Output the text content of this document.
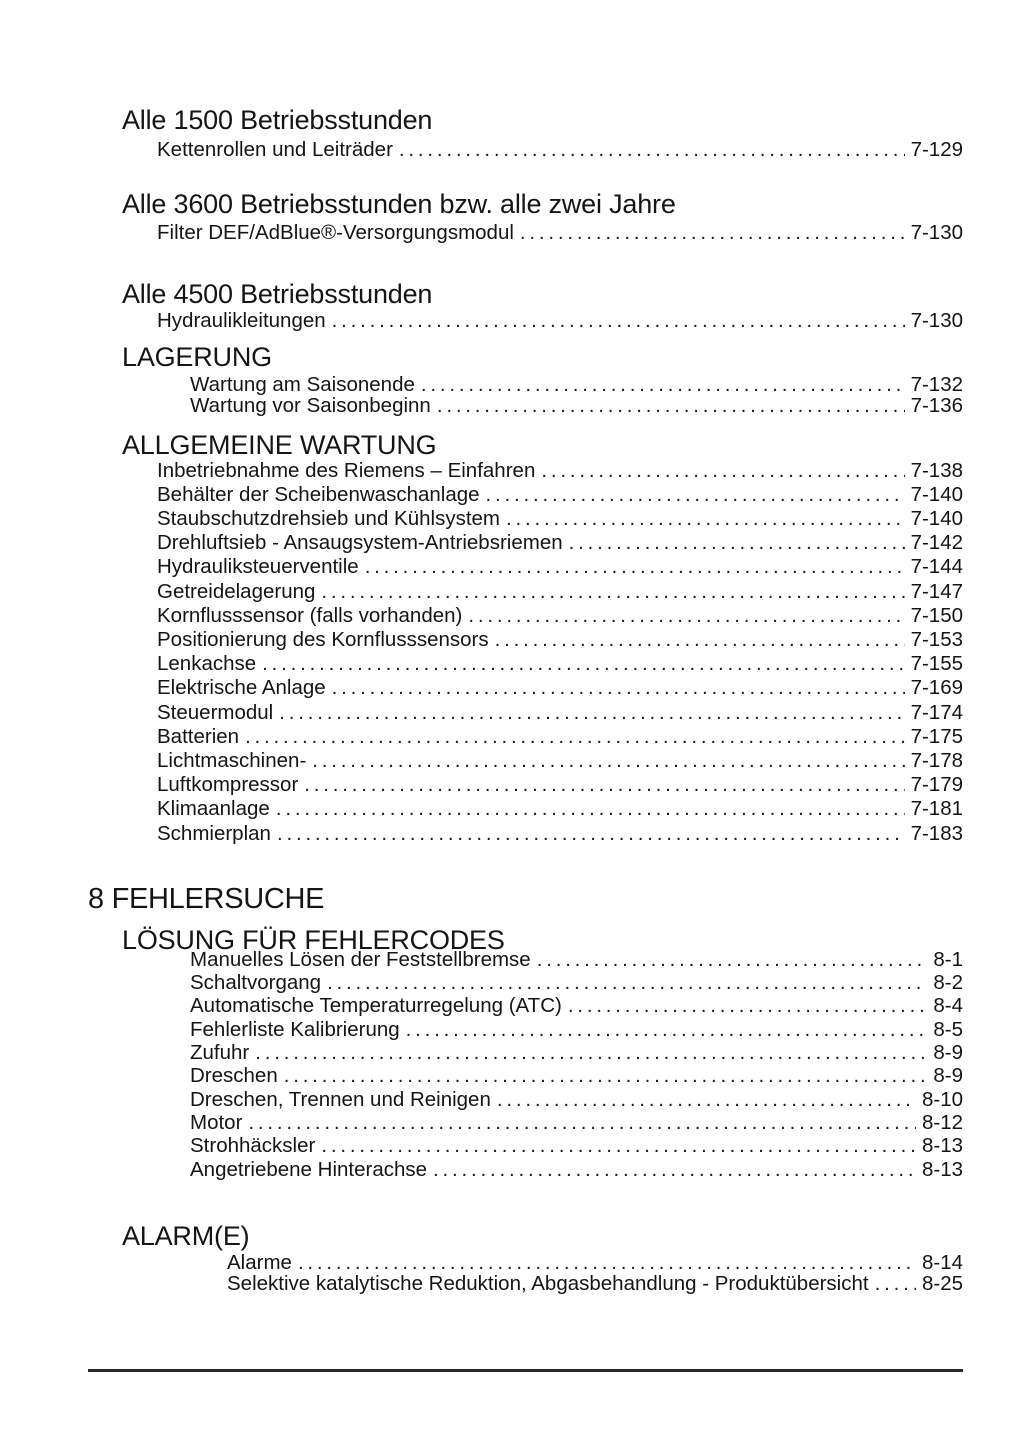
Alle 1500 Betriebsstunden
Kettenrollen und Leiträder .....	7-129
Alle 3600 Betriebsstunden bzw. alle zwei Jahre
Filter DEF/AdBlue®-Versorgungsmodul .....	7-130
Alle 4500 Betriebsstunden
Hydraulikleitungen .....	7-130
LAGERUNG
Wartung am Saisonende .....	7-132
Wartung vor Saisonbeginn .....	7-136
ALLGEMEINE WARTUNG
Inbetriebnahme des Riemens – Einfahren .....	7-138
Behälter der Scheibenwaschanlage .....	7-140
Staubschutzdrehsieb und Kühlsystem .....	7-140
Drehluftsieb - Ansaugsystem-Antriebsriemen .....	7-142
Hydrauliksteuerventile .....	7-144
Getreidelagerung .....	7-147
Kornflusssensor (falls vorhanden) .....	7-150
Positionierung des Kornflusssensors .....	7-153
Lenkachse .....	7-155
Elektrische Anlage .....	7-169
Steuermodul .....	7-174
Batterien .....	7-175
Lichtmaschinen- .....	7-178
Luftkompressor .....	7-179
Klimaanlage .....	7-181
Schmierplan .....	7-183
8 FEHLERSUCHE
LÖSUNG FÜR FEHLERCODES
Manuelles Lösen der Feststellbremse .....	8-1
Schaltvorgang .....	8-2
Automatische Temperaturregelung (ATC) .....	8-4
Fehlerliste Kalibrierung .....	8-5
Zufuhr .....	8-9
Dreschen .....	8-9
Dreschen, Trennen und Reinigen .....	8-10
Motor .....	8-12
Strohhäcksler .....	8-13
Angetriebene Hinterachse .....	8-13
ALARM(E)
Alarme .....	8-14
Selektive katalytische Reduktion, Abgasbehandlung - Produktübersicht .....	8-25
